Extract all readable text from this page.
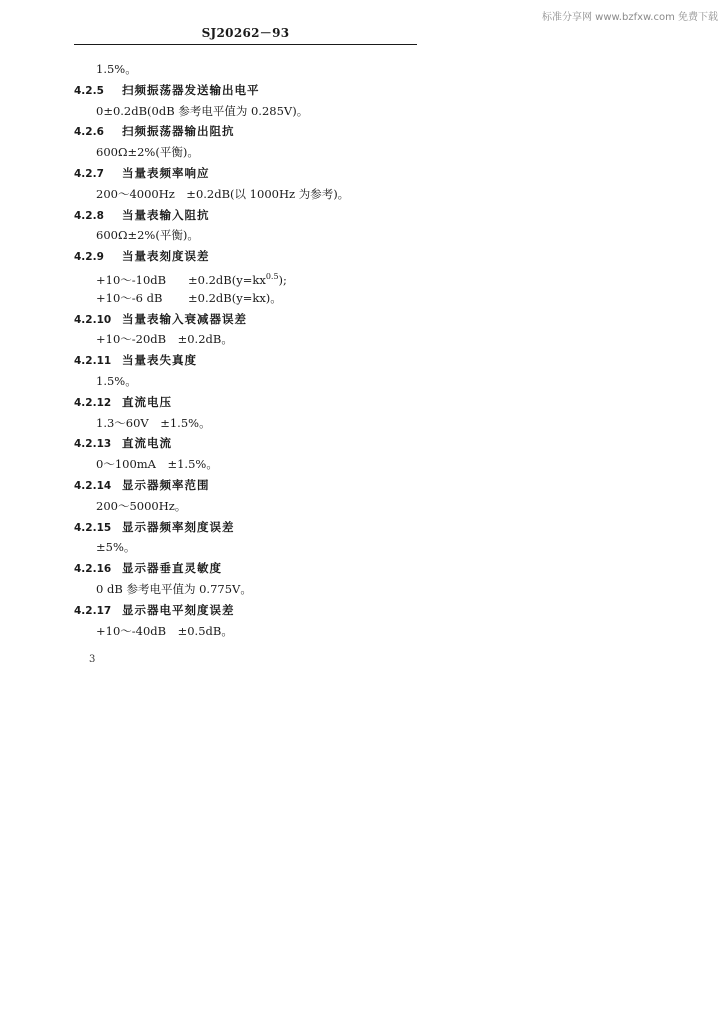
标准分享网 www.bzfxw.com 免费下载
SJ20262－93
1.5%。
4.2.5 扫频振荡器发送输出电平
0±0.2dB(0dB 参考电平值为 0.285V)。
4.2.6 扫频振荡器输出阻抗
600Ω±2%(平衡)。
4.2.7 当量表频率响应
200～4000Hz　±0.2dB(以 1000Hz 为参考)。
4.2.8 当量表输入阻抗
600Ω±2%(平衡)。
4.2.9 当量表刻度误差
+10～-10dB $\pm 0.2dB(y=kx^{0.5})$;
+10～-6 dB ±0.2dB(y=kx)。
4.2.10 当量表输入衰减器误差
+10～-20dB　±0.2dB。
4.2.11 当量表失真度
1.5%。
4.2.12 直流电压
1.3～60V　±1.5%。
4.2.13 直流电流
0～100mA　±1.5%。
4.2.14 显示器频率范围
200～5000Hz。
4.2.15 显示器频率刻度误差
±5%。
4.2.16 显示器垂直灵敏度
0 dB 参考电平值为 0.775V。
4.2.17 显示器电平刻度误差
+10～-40dB　±0.5dB。
3
